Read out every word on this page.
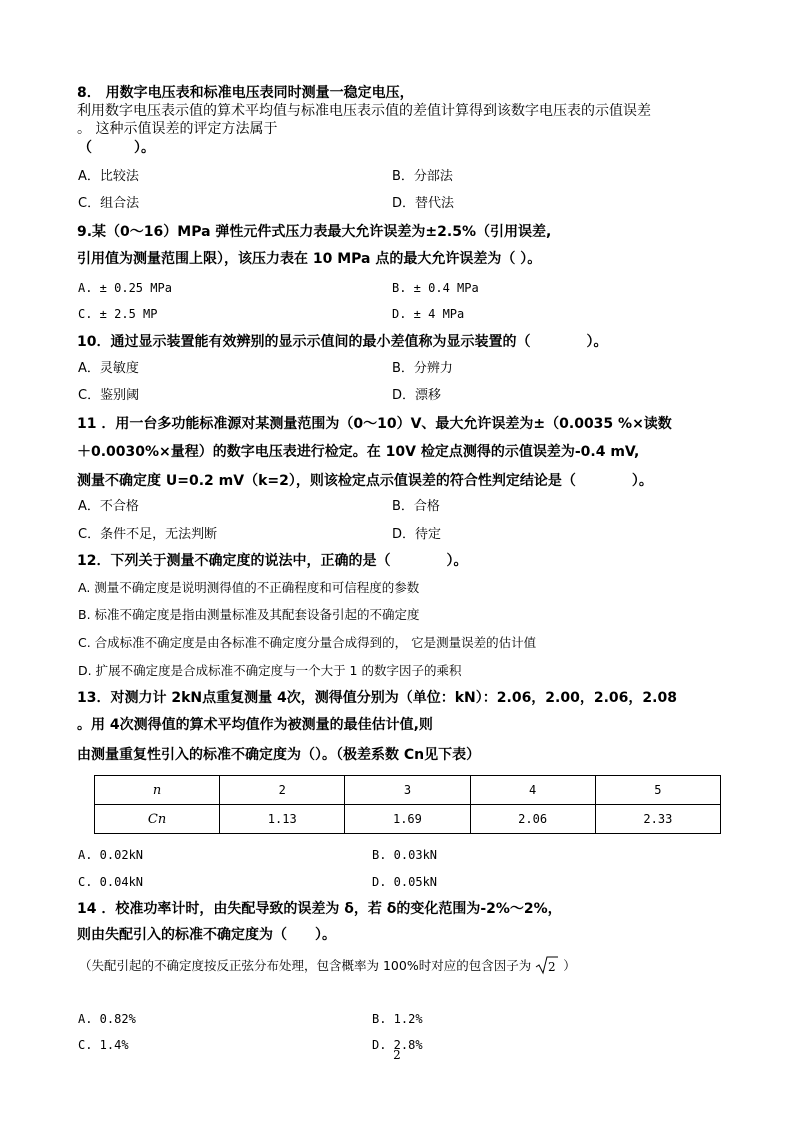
8． 用数字电压表和标准电压表同时测量一稳定电压，
利用数字电压表示值的算术平均值与标准电压表示值的差值计算得到该数字电压表的示值误差
。 这种示值误差的评定方法属于
（　　　）。
A．比较法	B．分部法
C．组合法	D．替代法
9.某（0～16）MPa 弹性元件式压力表最大允许误差为±2.5%（引用误差,
引用值为测量范围上限），该压力表在 10 MPa 点的最大允许误差为（ ）。
A. ± 0.25 MPa	B. ± 0.4 MPa
C. ± 2.5 MP	D. ± 4 MPa
10．通过显示装置能有效辨别的显示示值间的最小差值称为显示装置的（　　　　）。
A．灵敏度	B．分辨力
C．鉴别阈	D．漂移
11 ．用一台多功能标准源对某测量范围为（0～10）V、最大允许误差为±（0.0035 %×读数
＋0.0030%×量程）的数字电压表进行检定。在 10V 检定点测得的示值误差为-0.4 mV,
测量不确定度 U=0.2 mV（k=2），则该检定点示值误差的符合性判定结论是（　　　　）。
A．不合格	B．合格
C．条件不足，无法判断	D．待定
12．下列关于测量不确定度的说法中，正确的是（　　　　）。
A. 测量不确定度是说明测得值的不正确程度和可信程度的参数
B. 标准不确定度是指由测量标准及其配套设备引起的不确定度
C. 合成标准不确定度是由各标准不确定度分量合成得到的， 它是测量误差的估计值
D. 扩展不确定度是合成标准不确定度与一个大于 1 的数字因子的乘积
13．对测力计 2kN点重复测量 4次，测得值分别为（单位：kN）：2.06，2.00，2.06，2.08
。用 4次测得值的算术平均值作为被测量的最佳估计值,则
由测量重复性引入的标准不确定度为（）。（极差系数 Cn见下表）
n	2	3	4	5
Cn	1.13	1.69	2.06	2.33
A. 0.02kN	B. 0.03kN
C. 0.04kN	D. 0.05kN
14 ．校准功率计时，由失配导致的误差为 δ，若 δ的变化范围为-2%～2%，
则由失配引入的标准不确定度为（　　）。
（失配引起的不确定度按反正弦分布处理，包含概率为 100%时对应的包含因子为 2 ）
A. 0.82%	B. 1.2%
C. 1.4%	D. 2.8%
2
